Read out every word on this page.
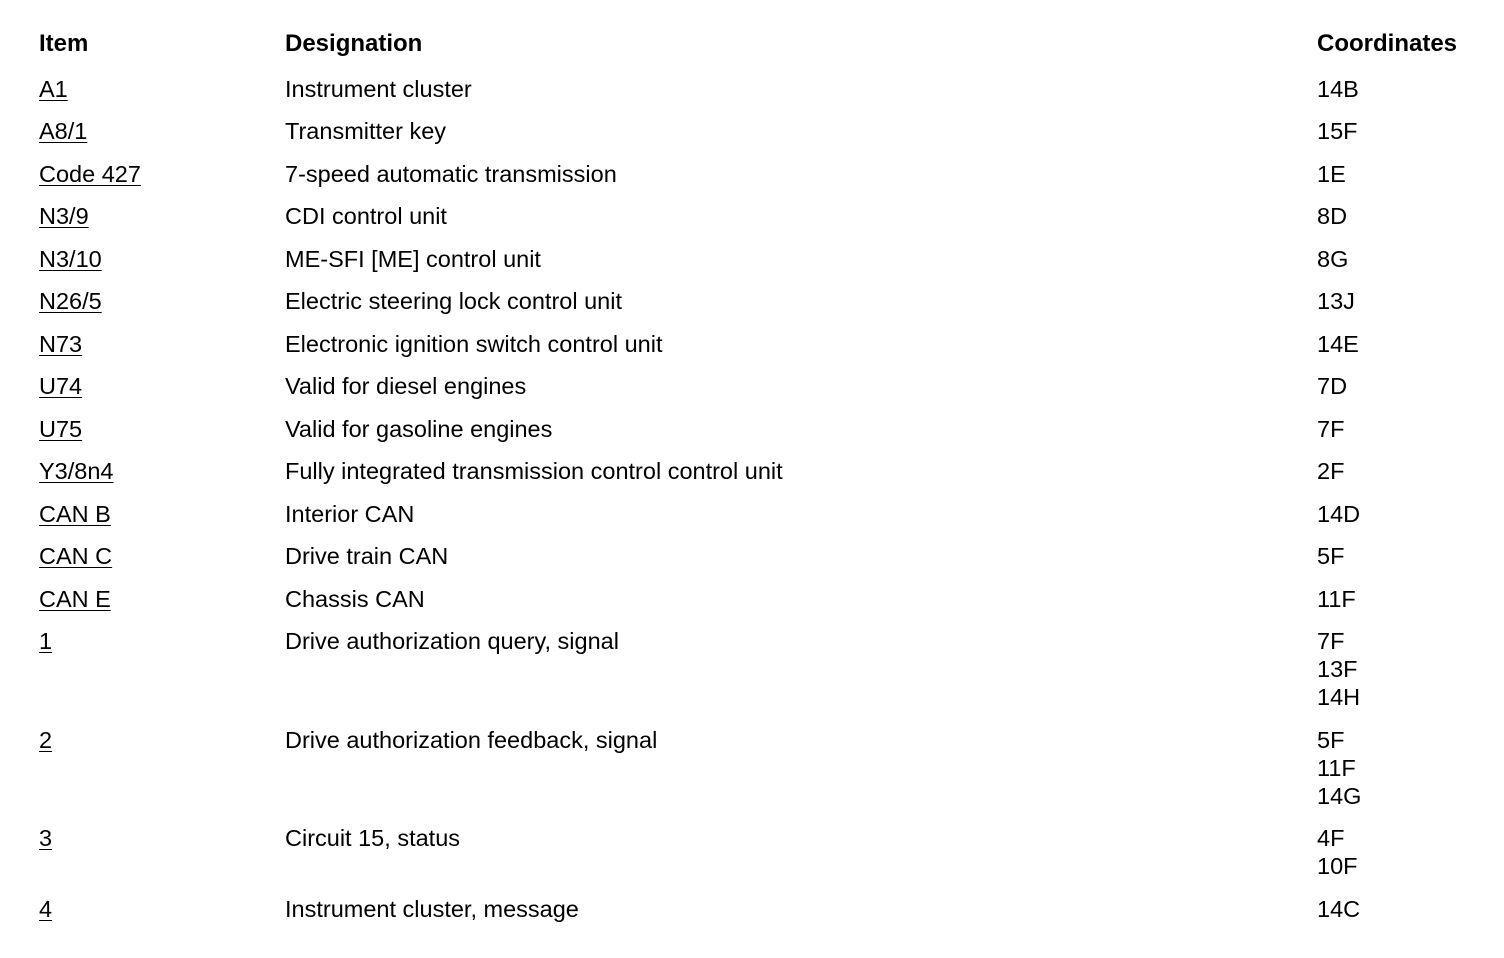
Item	Designation	Coordinates
A1	Instrument cluster	14B

A8/1	Transmitter key	15F

Code 427	7-speed automatic transmission	1E

N3/9	CDI control unit	8D

N3/10	ME-SFI [ME] control unit	8G

N26/5	Electric steering lock control unit	13J

N73	Electronic ignition switch control unit	14E

U74	Valid for diesel engines	7D

U75	Valid for gasoline engines	7F

Y3/8n4	Fully integrated transmission control control unit	2F

CAN B	Interior CAN	14D

CAN C	Drive train CAN	5F

CAN E	Chassis CAN	11F

1	Drive authorization query, signal	7F
13F
14H

2	Drive authorization feedback, signal	5F
11F
14G

3	Circuit 15, status	4F
10F

4	Instrument cluster, message	14C
